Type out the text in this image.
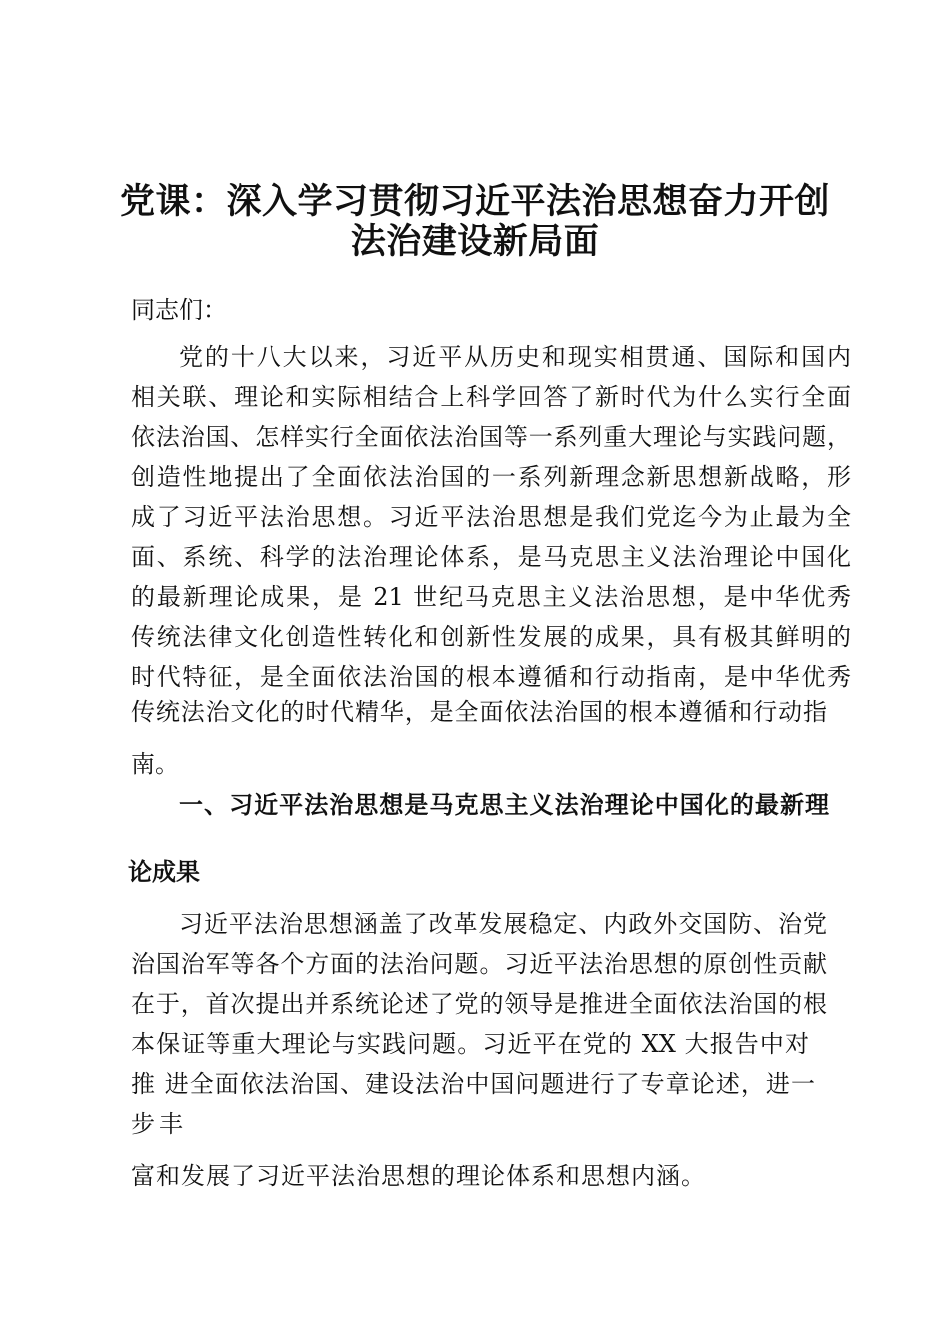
党课：深入学习贯彻习近平法治思想奋力开创
法治建设新局面

同志们：

党的十八大以来，习近平从历史和现实相贯通、国际和国内

相关联、理论和实际相结合上科学回答了新时代为什么实行全面

依法治国、怎样实行全面依法治国等一系列重大理论与实践问题，

创造性地提出了全面依法治国的一系列新理念新思想新战略，形

成了习近平法治思想。习近平法治思想是我们党迄今为止最为全

面、系统、科学的法治理论体系，是马克思主义法治理论中国化

的最新理论成果，是 21 世纪马克思主义法治思想，是中华优秀

传统法律文化创造性转化和创新性发展的成果，具有极其鲜明的

时代特征，是全面依法治国的根本遵循和行动指南，是中华优秀

传统法治文化的时代精华，是全面依法治国的根本遵循和行动指

南。

一、习近平法治思想是马克思主义法治理论中国化的最新理
论成果

习近平法治思想涵盖了改革发展稳定、内政外交国防、治党

治国治军等各个方面的法治问题。习近平法治思想的原创性贡献

在于，首次提出并系统论述了党的领导是推进全面依法治国的根

本保证等重大理论与实践问题。习近平在党的 XX 大报告中对

推 进全面依法治国、建设法治中国问题进行了专章论述，进一

步丰

富和发展了习近平法治思想的理论体系和思想内涵。
